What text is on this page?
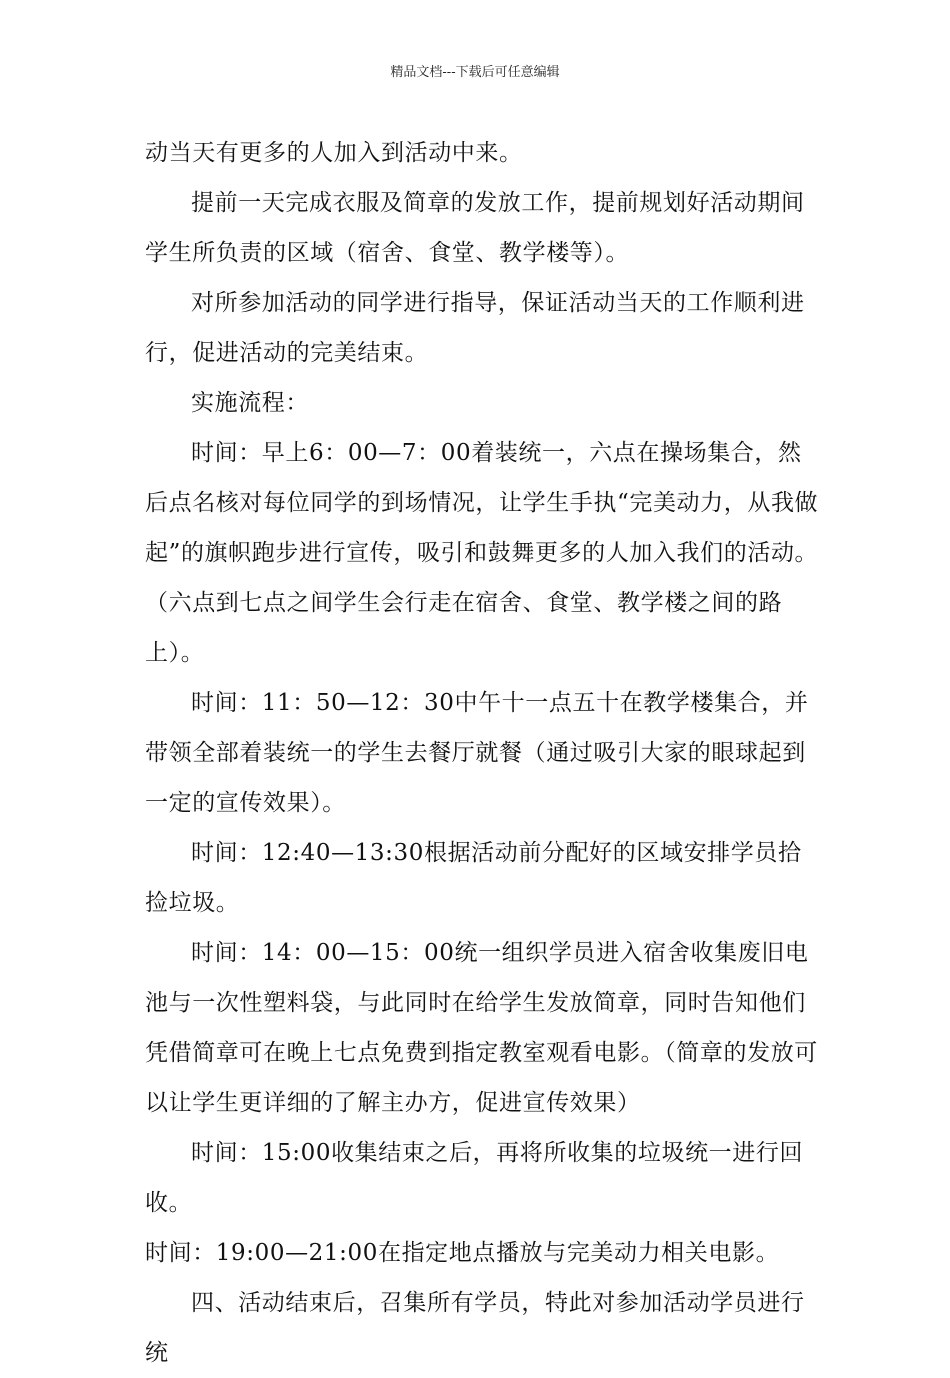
精品文档---下载后可任意编辑

动当天有更多的人加入到活动中来。

提前一天完成衣服及简章的发放工作，提前规划好活动期间学生所负责的区域（宿舍、食堂、教学楼等）。

对所参加活动的同学进行指导，保证活动当天的工作顺利进行，促进活动的完美结束。

实施流程：

时间：早上6：00—7：00着装统一，六点在操场集合，然后点名核对每位同学的到场情况，让学生手执“完美动力，从我做起”的旗帜跑步进行宣传，吸引和鼓舞更多的人加入我们的活动。（六点到七点之间学生会行走在宿舍、食堂、教学楼之间的路上）。

时间：11：50—12：30中午十一点五十在教学楼集合，并带领全部着装统一的学生去餐厅就餐（通过吸引大家的眼球起到一定的宣传效果）。

时间：12:40—13:30根据活动前分配好的区域安排学员拾捡垃圾。

时间：14：00—15：00统一组织学员进入宿舍收集废旧电池与一次性塑料袋，与此同时在给学生发放简章，同时告知他们凭借简章可在晚上七点免费到指定教室观看电影。（简章的发放可以让学生更详细的了解主办方，促进宣传效果）

时间：15:00收集结束之后，再将所收集的垃圾统一进行回收。

时间：19:00—21:00在指定地点播放与完美动力相关电影。

四、活动结束后，召集所有学员，特此对参加活动学员进行统
